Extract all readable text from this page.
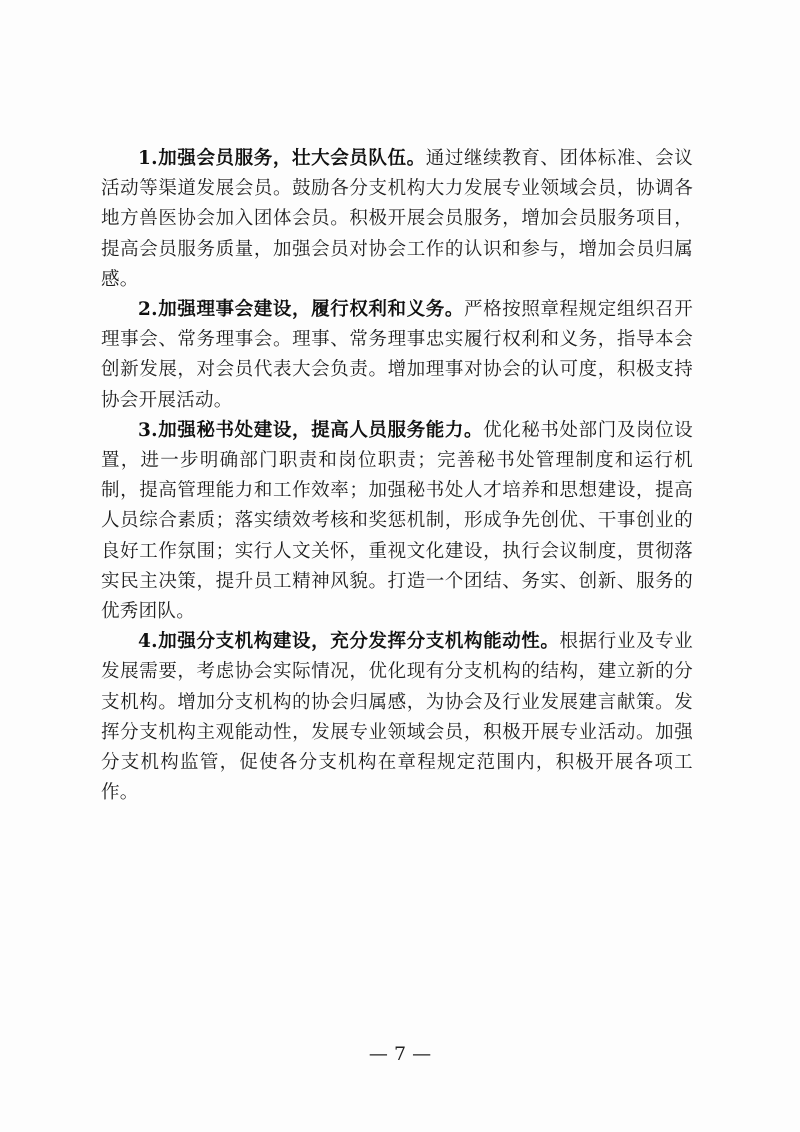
1.加强会员服务，壮大会员队伍。通过继续教育、团体标准、会议活动等渠道发展会员。鼓励各分支机构大力发展专业领域会员，协调各地方兽医协会加入团体会员。积极开展会员服务，增加会员服务项目，提高会员服务质量，加强会员对协会工作的认识和参与，增加会员归属感。

2.加强理事会建设，履行权利和义务。严格按照章程规定组织召开理事会、常务理事会。理事、常务理事忠实履行权利和义务，指导本会创新发展，对会员代表大会负责。增加理事对协会的认可度，积极支持协会开展活动。

3.加强秘书处建设，提高人员服务能力。优化秘书处部门及岗位设置，进一步明确部门职责和岗位职责；完善秘书处管理制度和运行机制，提高管理能力和工作效率；加强秘书处人才培养和思想建设，提高人员综合素质；落实绩效考核和奖惩机制，形成争先创优、干事创业的良好工作氛围；实行人文关怀，重视文化建设，执行会议制度，贯彻落实民主决策，提升员工精神风貌。打造一个团结、务实、创新、服务的优秀团队。

4.加强分支机构建设，充分发挥分支机构能动性。根据行业及专业发展需要，考虑协会实际情况，优化现有分支机构的结构，建立新的分支机构。增加分支机构的协会归属感，为协会及行业发展建言献策。发挥分支机构主观能动性，发展专业领域会员，积极开展专业活动。加强分支机构监管，促使各分支机构在章程规定范围内，积极开展各项工作。

— 7 —
